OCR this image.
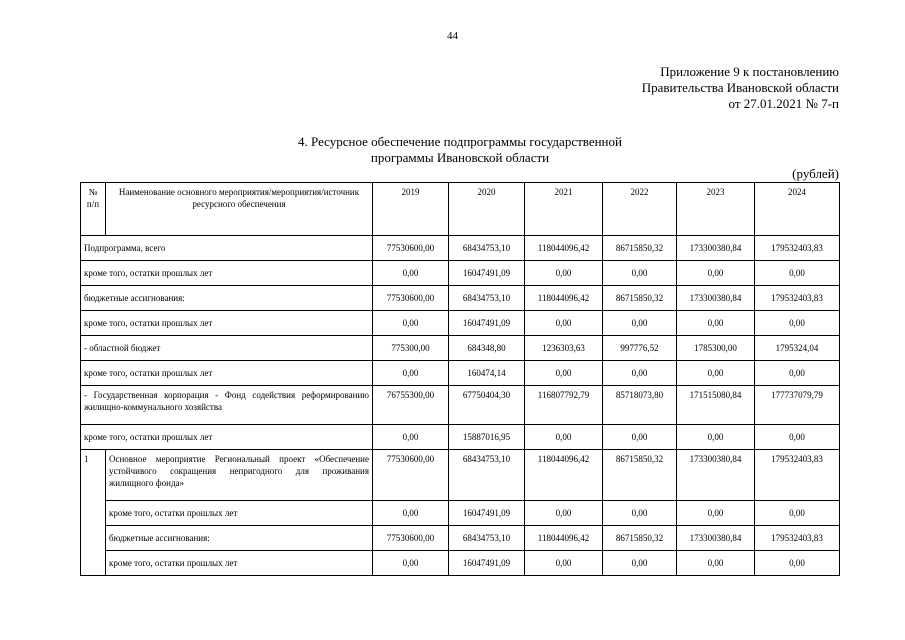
44
Приложение 9 к постановлению
Правительства Ивановской области
от 27.01.2021 № 7-п
4. Ресурсное обеспечение подпрограммы государственной
программы Ивановской области
(рублей)
№ п/п	Наименование основного мероприятия/мероприятия/источник ресурсного обеспечения	2019	2020	2021	2022	2023	2024
Подпрограмма, всего		77530600,00	68434753,10	118044096,42	86715850,32	173300380,84	179532403,83
кроме того, остатки прошлых лет		0,00	16047491,09	0,00	0,00	0,00	0,00
бюджетные ассигнования:		77530600,00	68434753,10	118044096,42	86715850,32	173300380,84	179532403,83
кроме того, остатки прошлых лет		0,00	16047491,09	0,00	0,00	0,00	0,00
- областной бюджет		775300,00	684348,80	1236303,63	997776,52	1785300,00	1795324,04
кроме того, остатки прошлых лет		0,00	160474,14	0,00	0,00	0,00	0,00
- Государственная корпорация - Фонд содействия реформированию жилищно-коммунального хозяйства		76755300,00	67750404,30	116807792,79	85718073,80	171515080,84	177737079,79
кроме того, остатки прошлых лет		0,00	15887016,95	0,00	0,00	0,00	0,00
1	Основное мероприятие Региональный проект «Обеспечение устойчивого сокращения непригодного для проживания жилищного фонда»	77530600,00	68434753,10	118044096,42	86715850,32	173300380,84	179532403,83
	кроме того, остатки прошлых лет	0,00	16047491,09	0,00	0,00	0,00	0,00
	бюджетные ассигнования:	77530600,00	68434753,10	118044096,42	86715850,32	173300380,84	179532403,83
	кроме того, остатки прошлых лет	0,00	16047491,09	0,00	0,00	0,00	0,00
